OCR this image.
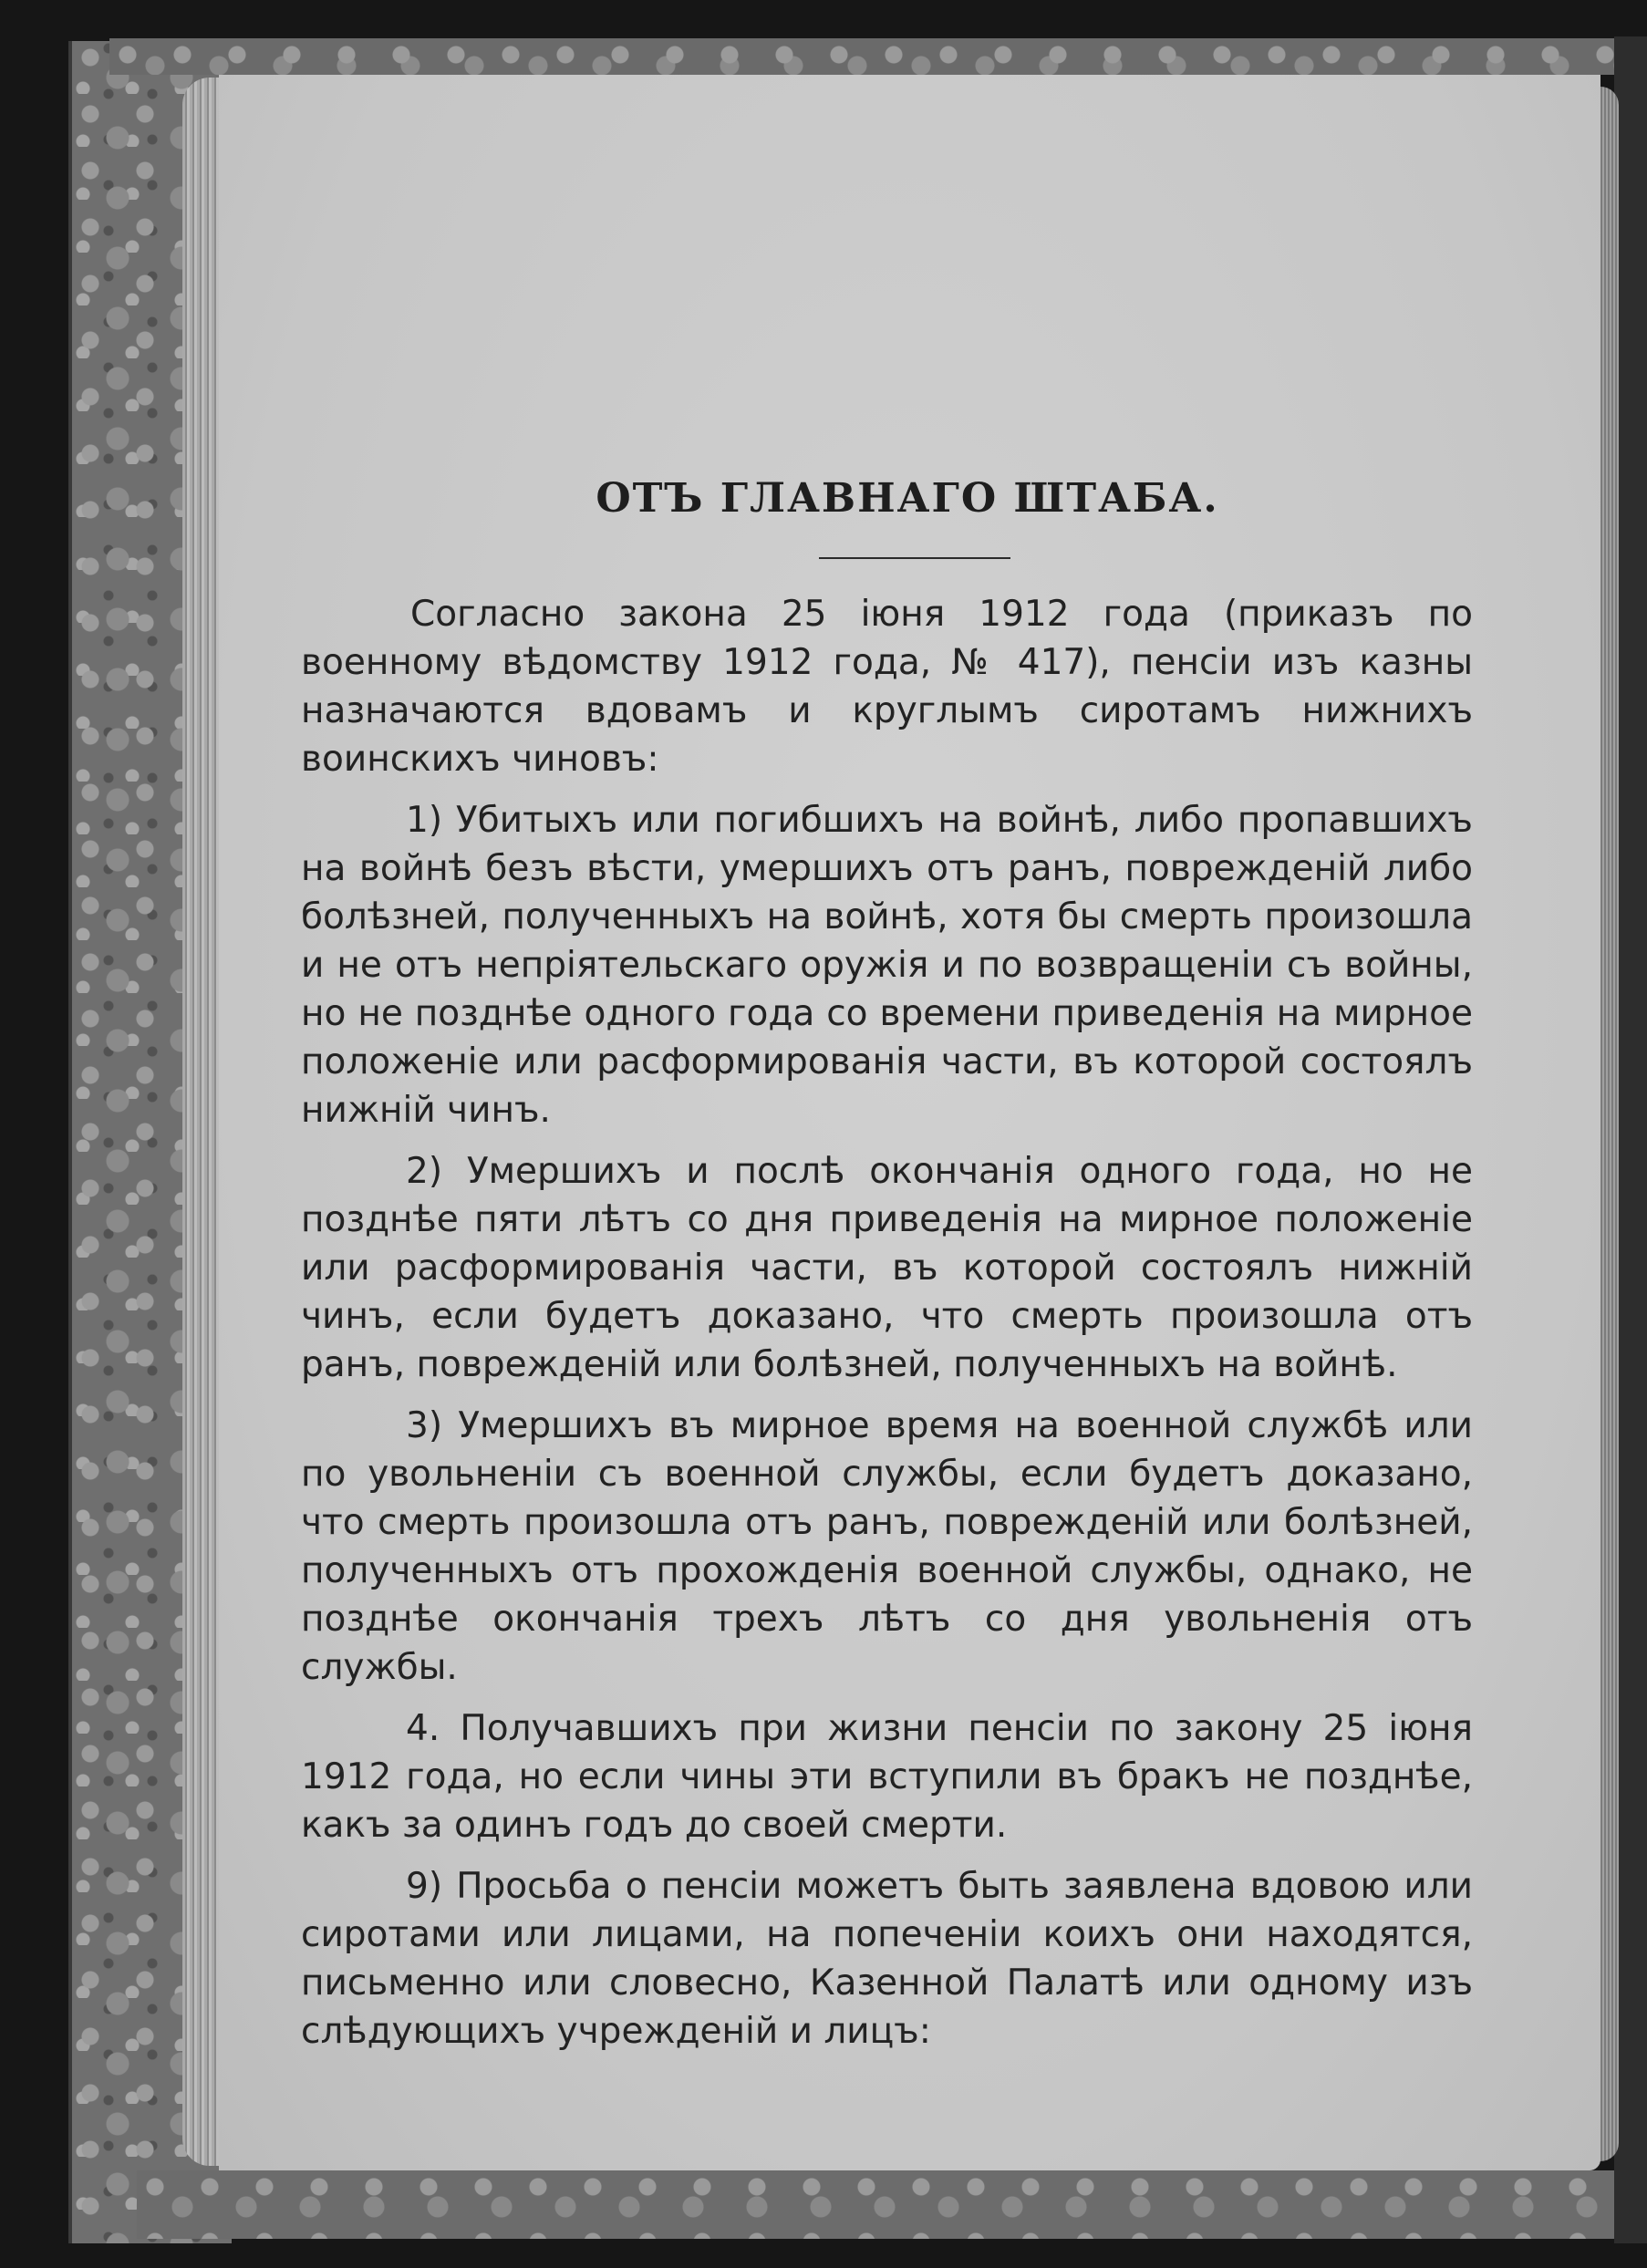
ОТЪ ГЛАВНАГО ШТАБА.

Согласно закона 25 іюня 1912 года (приказъ по военному вѣдомству 1912 года, № 417), пенсіи изъ казны назначаются вдовамъ и круглымъ сиротамъ нижнихъ воинскихъ чиновъ:

1) Убитыхъ или погибшихъ на войнѣ, либо пропавшихъ на войнѣ безъ вѣсти, умершихъ отъ ранъ, поврежденій либо болѣзней, полученныхъ на войнѣ, хотя бы смерть произошла и не отъ непріятельскаго оружія и по возвращеніи съ войны, но не позднѣе одного года со времени приведенія на мирное положеніе или расформированія части, въ которой состоялъ нижній чинъ.

2) Умершихъ и послѣ окончанія одного года, но не позднѣе пяти лѣтъ со дня приведенія на мирное положеніе или расформированія части, въ которой состоялъ нижній чинъ, если будетъ доказано, что смерть произошла отъ ранъ, поврежденій или болѣзней, полученныхъ на войнѣ.

3) Умершихъ въ мирное время на военной службѣ или по увольненіи съ военной службы, если будетъ доказано, что смерть произошла отъ ранъ, поврежденій или болѣзней, полученныхъ отъ прохожденія военной службы, однако, не позднѣе окончанія трехъ лѣтъ со дня увольненія отъ службы.

4. Получавшихъ при жизни пенсіи по закону 25 іюня 1912 года, но если чины эти вступили въ бракъ не позднѣе, какъ за одинъ годъ до своей смерти.

9) Просьба о пенсіи можетъ быть заявлена вдовою или сиротами или лицами, на попеченіи коихъ они находятся, письменно или словесно, Казенной Палатѣ или одному изъ слѣдующихъ учрежденій и лицъ:
